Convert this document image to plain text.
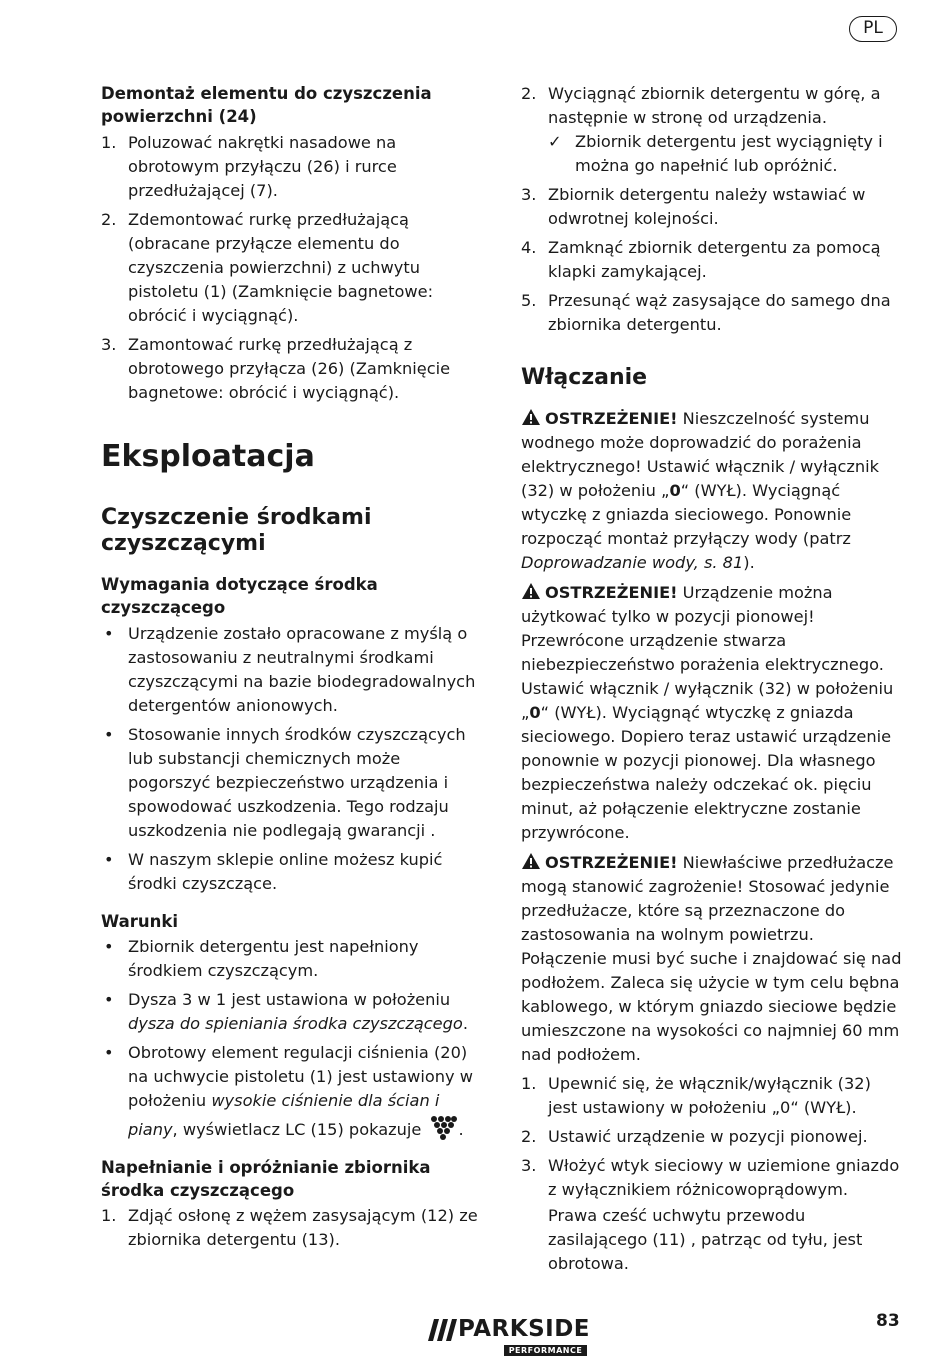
PL

Demontaż elementu do czyszczenia powierzchni (24)

1. Poluzować nakrętki nasadowe na obrotowym przyłączu (26) i rurce przedłużającej (7).
2. Zdemontować rurkę przedłużającą (obracane przyłącze elementu do czyszczenia powierzchni) z uchwytu pistoletu (1) (Zamknięcie bagnetowe: obrócić i wyciągnąć).
3. Zamontować rurkę przedłużającą z obrotowego przyłącza (26) (Zamknięcie bagnetowe: obrócić i wyciągnąć).

Eksploatacja

Czyszczenie środkami czyszczącymi

Wymagania dotyczące środka czyszczącego

• Urządzenie zostało opracowane z myślą o zastosowaniu z neutralnymi środkami czyszczącymi na bazie biodegradowalnych detergentów anionowych.
• Stosowanie innych środków czyszczących lub substancji chemicznych może pogorszyć bezpieczeństwo urządzenia i spowodować uszkodzenia. Tego rodzaju uszkodzenia nie podlegają gwarancji .
• W naszym sklepie online możesz kupić środki czyszczące.

Warunki

• Zbiornik detergentu jest napełniony środkiem czyszczącym.
• Dysza 3 w 1 jest ustawiona w położeniu dysza do spieniania środka czyszczącego.
• Obrotowy element regulacji ciśnienia (20) na uchwycie pistoletu (1) jest ustawiony w położeniu wysokie ciśnienie dla ścian i piany, wyświetlacz LC (15) pokazuje .

Napełnianie i opróżnianie zbiornika środka czyszczącego

1. Zdjąć osłonę z wężem zasysającym (12) ze zbiornika detergentu (13).
2. Wyciągnąć zbiornik detergentu w górę, a następnie w stronę od urządzenia.

✓ Zbiornik detergentu jest wyciągnięty i można go napełnić lub opróżnić.

3. Zbiornik detergentu należy wstawiać w odwrotnej kolejności.
4. Zamknąć zbiornik detergentu za pomocą klapki zamykającej.
5. Przesunąć wąż zasysające do samego dna zbiornika detergentu.

Włączanie

OSTRZEŻENIE! Nieszczelność systemu wodnego może doprowadzić do porażenia elektrycznego! Ustawić włącznik / wyłącznik (32) w położeniu „0“ (WYŁ). Wyciągnąć wtyczkę z gniazda sieciowego. Ponownie rozpocząć montaż przyłączy wody (patrz Doprowadzanie wody, s. 81).

OSTRZEŻENIE! Urządzenie można użytkować tylko w pozycji pionowej! Przewrócone urządzenie stwarza niebezpieczeństwo porażenia elektrycznego. Ustawić włącznik / wyłącznik (32) w położeniu „0“ (WYŁ). Wyciągnąć wtyczkę z gniazda sieciowego. Dopiero teraz ustawić urządzenie ponownie w pozycji pionowej. Dla własnego bezpieczeństwa należy odczekać ok. pięciu minut, aż połączenie elektryczne zostanie przywrócone.

OSTRZEŻENIE! Niewłaściwe przedłużacze mogą stanowić zagrożenie! Stosować jedynie przedłużacze, które są przeznaczone do zastosowania na wolnym powietrzu. Połączenie musi być suche i znajdować się nad podłożem. Zaleca się użycie w tym celu bębna kablowego, w którym gniazdo sieciowe będzie umieszczone na wysokości co najmniej 60 mm nad podłożem.

1. Upewnić się, że włącznik/wyłącznik (32) jest ustawiony w położeniu „0“ (WYŁ).
2. Ustawić urządzenie w pozycji pionowej.
3. Włożyć wtyk sieciowy w uziemione gniazdo z wyłącznikiem różnicowoprądowym.

Prawa cześć uchwytu przewodu zasilającego (11) , patrząc od tyłu, jest obrotowa.

PARKSIDE
PERFORMANCE
83
